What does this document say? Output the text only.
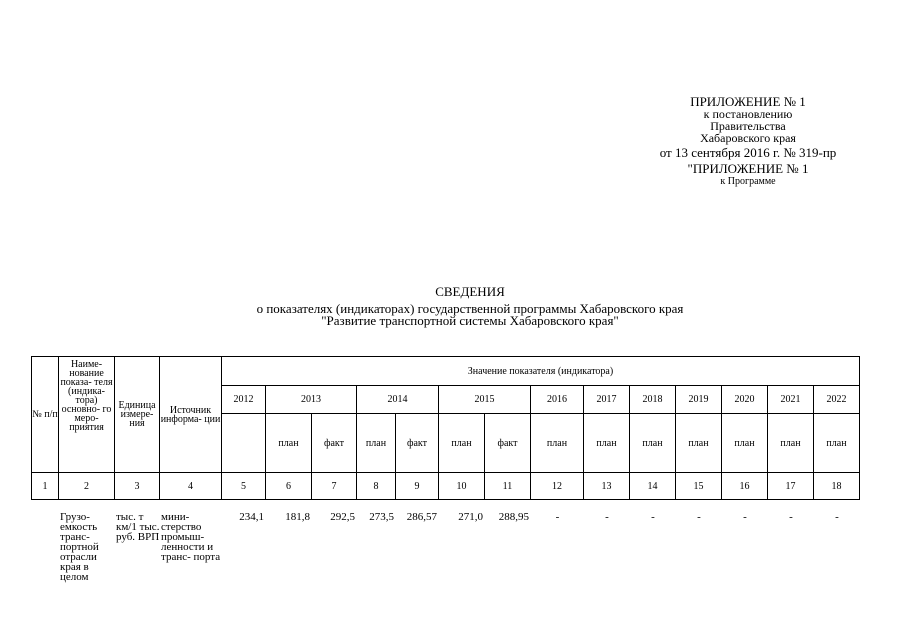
ПРИЛОЖЕНИЕ № 1
к постановлению
Правительства
Хабаровского края
от 13 сентября 2016 г. № 319-пр
"ПРИЛОЖЕНИЕ № 1
к Программе
СВЕДЕНИЯ
о показателях (индикаторах) государственной программы Хабаровского края
"Развитие транспортной системы Хабаровского края"
№ п/п	Наиме- нование показа- теля (индика- тора) основно- го меро- приятия	Единица измере- ния	Источник информа- ции	Значение показателя (индикатора)													
				2012	2013		2014		2015		2016	2017	2018	2019	2020	2021	2022
					план	факт	план	факт	план	факт	план	план	план	план	план	план	план
1	2	3	4	5	6	7	8	9	10	11	12	13	14	15	16	17	18
	Грузо- емкость транс- портной отрасли края в целом	тыс. т км/1 тыс. руб. ВРП	мини- стерство промыш- ленности и транс- порта	234,1	181,8	292,5	273,5	286,57	271,0	288,95	-	-	-	-	-	-	-
